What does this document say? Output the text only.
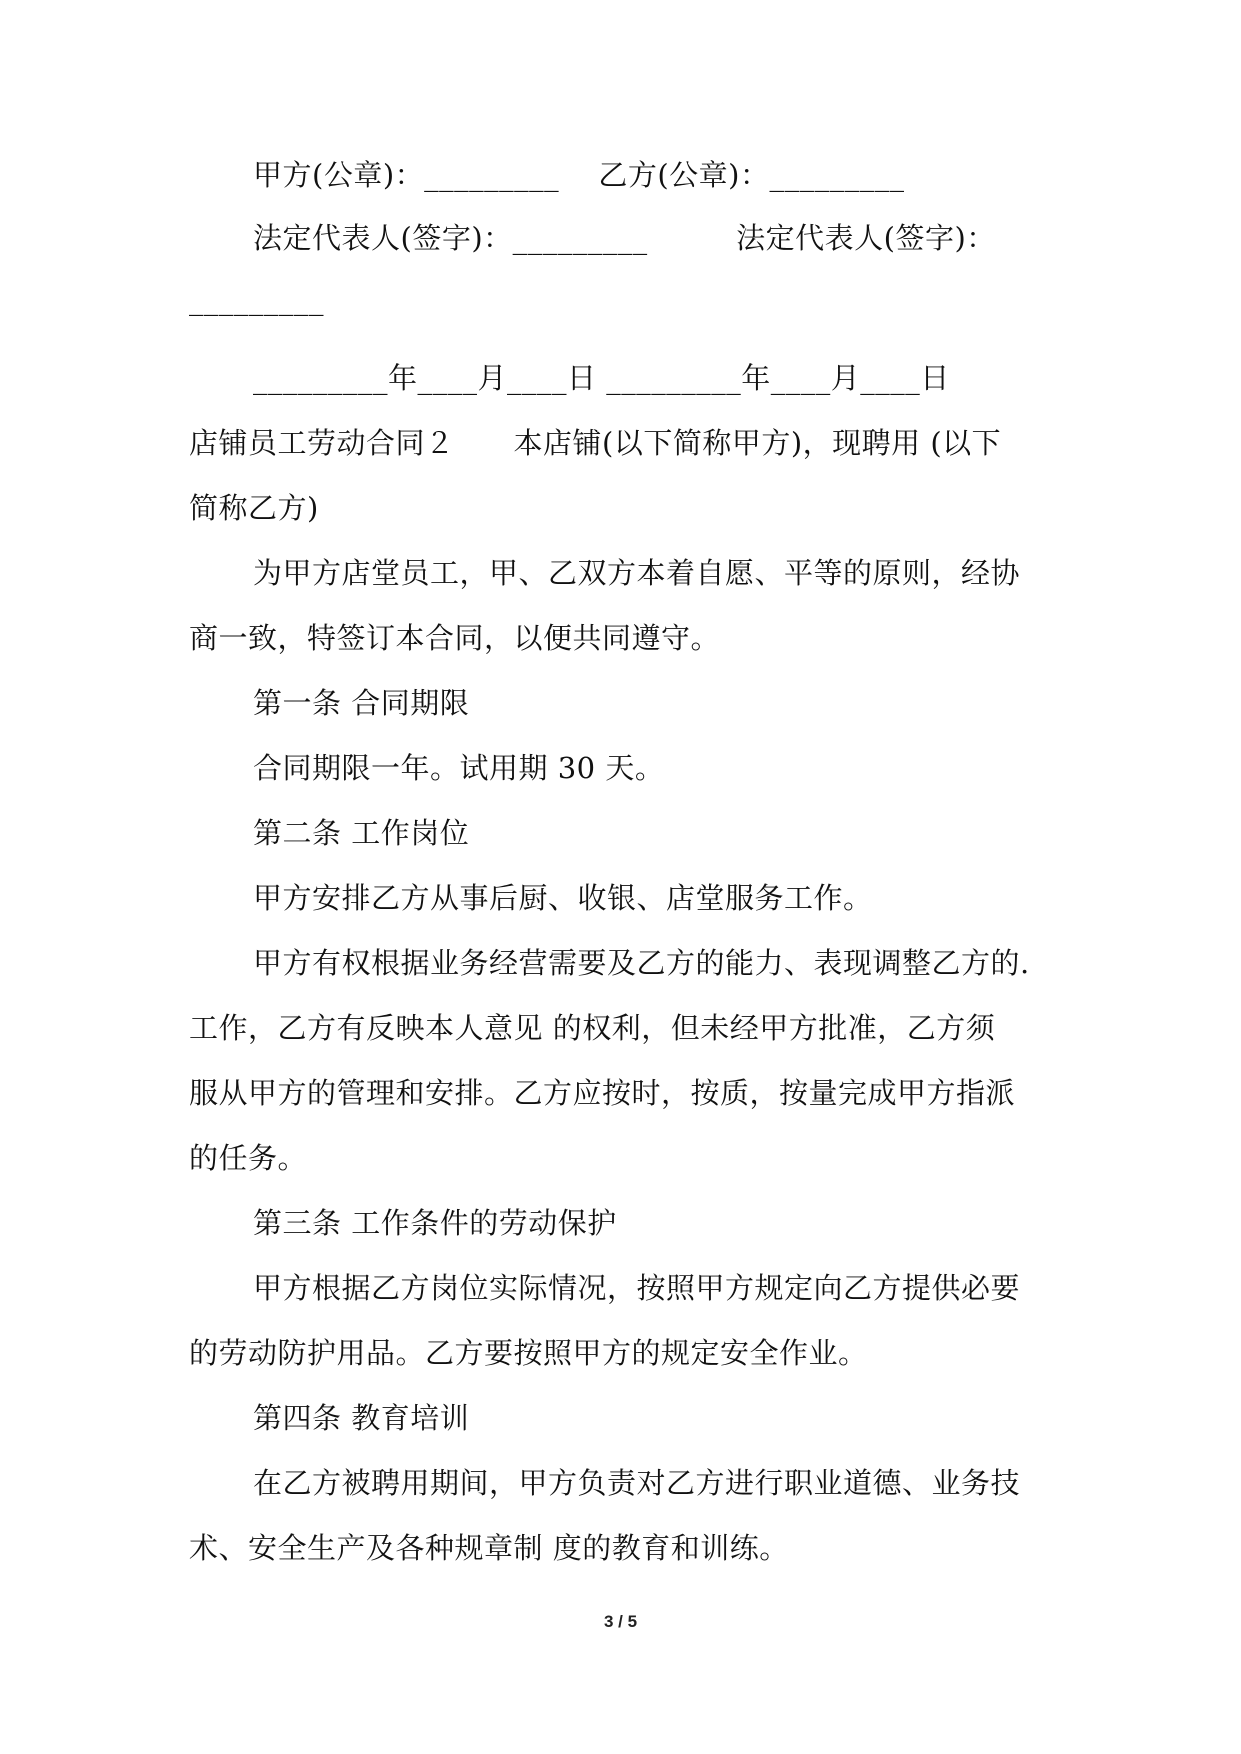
甲方(公章)：_________　 乙方(公章)：_________
法定代表人(签字)：_________　　　法定代表人(签字)：
_________
_________年____月____日 _________年____月____日
店铺员工劳动合同２　　本店铺(以下简称甲方)，现聘用 (以下
简称乙方)
为甲方店堂员工，甲、乙双方本着自愿、平等的原则，经协
商一致，特签订本合同，以便共同遵守。
第一条 合同期限
合同期限一年。试用期 30 天。
第二条 工作岗位
甲方安排乙方从事后厨、收银、店堂服务工作。
甲方有权根据业务经营需要及乙方的能力、表现调整乙方的.
工作，乙方有反映本人意见 的权利，但未经甲方批准，乙方须
服从甲方的管理和安排。乙方应按时，按质，按量完成甲方指派
的任务。
第三条 工作条件的劳动保护
甲方根据乙方岗位实际情况，按照甲方规定向乙方提供必要
的劳动防护用品。乙方要按照甲方的规定安全作业。
第四条 教育培训
在乙方被聘用期间，甲方负责对乙方进行职业道德、业务技
术、安全生产及各种规章制 度的教育和训练。
3 / 5
